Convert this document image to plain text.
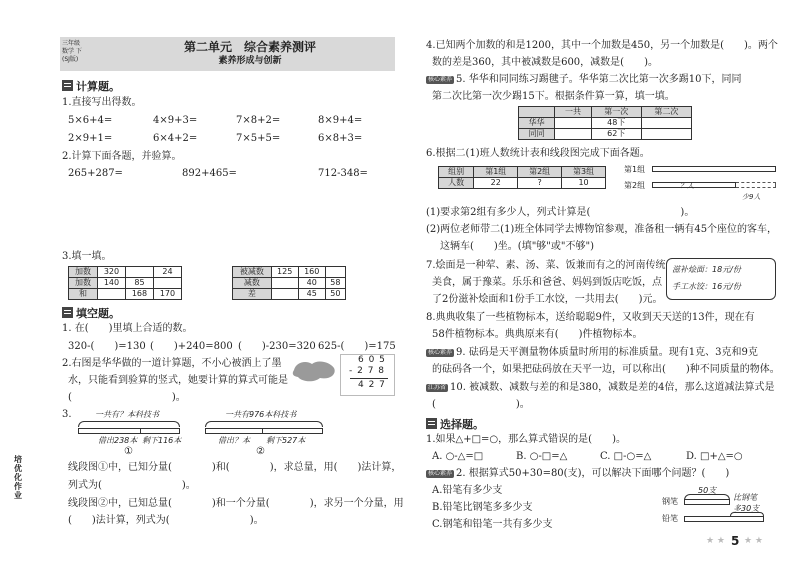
三年级
数学 下
(SJ版)
第二单元　综合素养测评
素养形成与创新
培优化作业
计算题。
1.直接写出得数。
5×6+4=	4×9+3=	7×8+2=	8×9+4=
2×9+1=	6×4+2=	7×5+5=	6×8+3=
2.计算下面各题，并验算。
265+287=	892+465=	712-348=
3.填一填。
加数	320		24
加数	140	85	
和		168	170
被减数	125	160	
减数		40	58
差		45	50
填空题。
1. 在(　　)里填上合适的数。
320-(　　)=130 (　　)+240=800 (　　)-230=320 625-(　　)=175
2.右图是华华做的一道计算题，不小心被洒上了墨
水，只能看到验算的竖式，她要计算的算式可能是
(　　　　　　　　　　)。
6 0 5
- 2 7 8
4 2 7
3.	一共有？本科技书
借出238本 剩下116本
①
一共有976本科技书
借出？本 剩下527本
②
线段图①中，已知分量(　　　　)和(　　　　)，求总量，用(　　)法计算，
列式为(　　　　　　　　)。
线段图②中，已知总量(　　　　)和一个分量(　　　　)，求另一个分量，用
(　　)法计算，列式为(　　　　　　　　)。
4.已知两个加数的和是1200，其中一个加数是450，另一个加数是(　　)。两个
数的差是360，其中被减数是600，减数是(　　)。
核心素养 5. 华华和同同练习踢毽子。华华第二次比第一次多踢10下，同同
第二次比第一次少踢15下。根据条件算一算，填一填。
	一共	第一次	第二次
华华		48下	
同同		62下	
6.根据二(1)班人数统计表和线段图完成下面各题。
组别	第1组	第2组	第3组
人数	22	?	10
第1组
第2组	？人
少9人
(1)要求第2组有多少人，列式计算是(　　　　　　　　　)。
(2)两位老师带二(1)班全体同学去博物馆参观，准备租一辆有45个座位的客车，
这辆车(　　)坐。(填"够"或"不够")
7.烩面是一种荤、素、汤、菜、饭兼而有之的河南传统
美食，属于豫菜。乐乐和爸爸、妈妈到饭店吃饭，点
了2份滋补烩面和1份手工水饺，一共用去(　　)元。
滋补烩面：18元/份
手工水饺：16元/份
8.典典收集了一些植物标本，送给聪聪9件，又收到天天送的13件，现在有
58件植物标本。典典原来有(　　)件植物标本。
核心素养 9. 砝码是天平测量物体质量时所用的标准质量。现有1克、3克和9克
的砝码各一个，如果把砝码放在天平一边，可以称出(　　)种不同质量的物体。
江苏省 10. 被减数、减数与差的和是380，减数是差的4倍，那么这道减法算式是
(　　　　　　　　)。
选择题。
1.如果△+□=○，那么算式错误的是(　　)。
A. ○-△=□	B. ○-□=△	C. □-○=△	D. □+△=○
核心素养 2. 根据算式50+30=80(支)，可以解决下面哪个问题？(　　)
A.铅笔有多少支
B.铅笔比钢笔多多少支
C.钢笔和铅笔一共有多少支
50支
钢笔	比钢笔
多30支
铅笔
★ ★ 5 ★ ★
